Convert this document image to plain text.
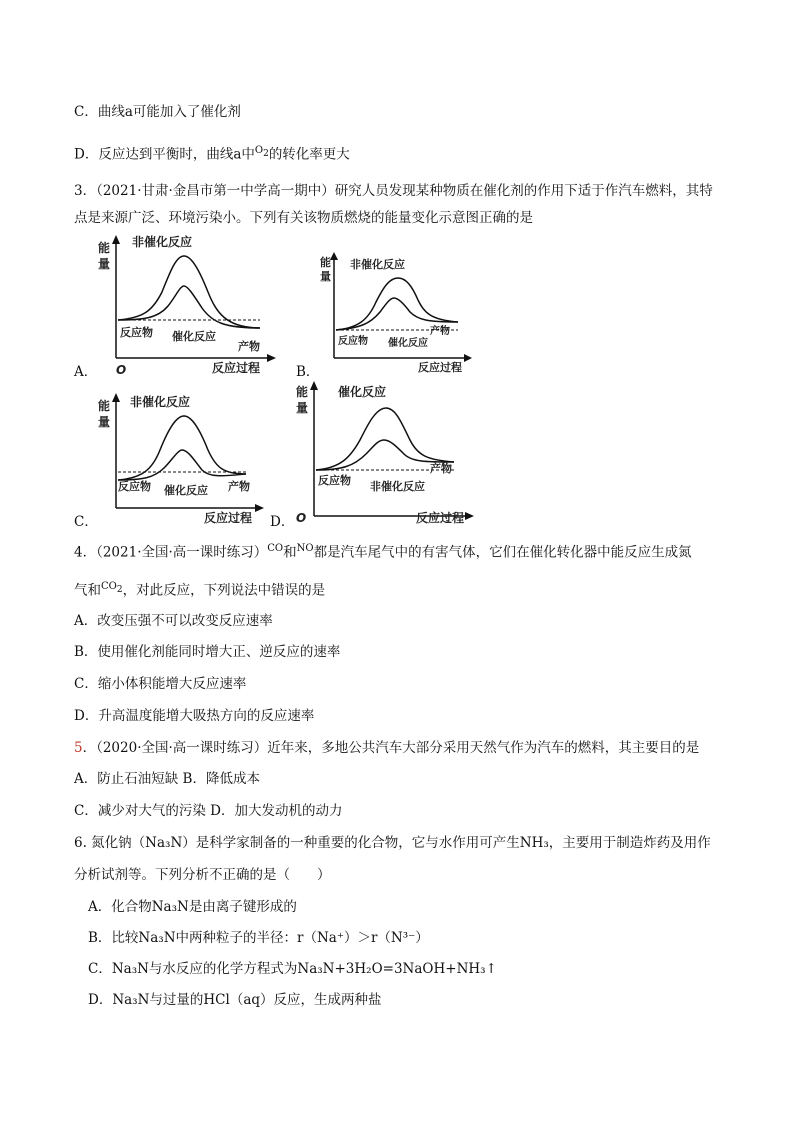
C．曲线a可能加入了催化剂
D．反应达到平衡时，曲线a中$^{O_2}$的转化率更大
3．（2021·甘肃·金昌市第一中学高一期中）研究人员发现某种物质在催化剂的作用下适于作汽车燃料，其特
点是来源广泛、环境污染小。下列有关该物质燃烧的能量变化示意图正确的是
A．
能
量
非催化反应
反应物 催化反应
产物
反应过程
O	B．
能
量
非催化反应
反应物 催化反应
产物
反应过程
C．
能
量
非催化反应
反应物 催化反应 产物
反应过程 D．
能
量
催化反应
反应物 非催化反应
产物
反应过程
O
4．（2021·全国·高一课时练习）$^{CO}$和$^{NO}$都是汽车尾气中的有害气体，它们在催化转化器中能反应生成氮
气和$^{CO_2}$，对此反应，下列说法中错误的是
A．改变压强不可以改变反应速率
B．使用催化剂能同时增大正、逆反应的速率
C．缩小体积能增大反应速率
D．升高温度能增大吸热方向的反应速率
5．（2020·全国·高一课时练习）近年来，多地公共汽车大部分采用天然气作为汽车的燃料，其主要目的是
A．防止石油短缺 B．降低成本
C．减少对大气的污染 D．加大发动机的动力
6. 氮化钠（Na₃N）是科学家制备的一种重要的化合物，它与水作用可产生NH₃，主要用于制造炸药及用作
分析试剂等。下列分析不正确的是（　　）
A．化合物Na₃N是由离子键形成的
B．比较Na₃N中两种粒子的半径：r（Na⁺）＞r（N³⁻）
C．Na₃N与水反应的化学方程式为Na₃N+3H₂O=3NaOH+NH₃↑
D．Na₃N与过量的HCl（aq）反应，生成两种盐
